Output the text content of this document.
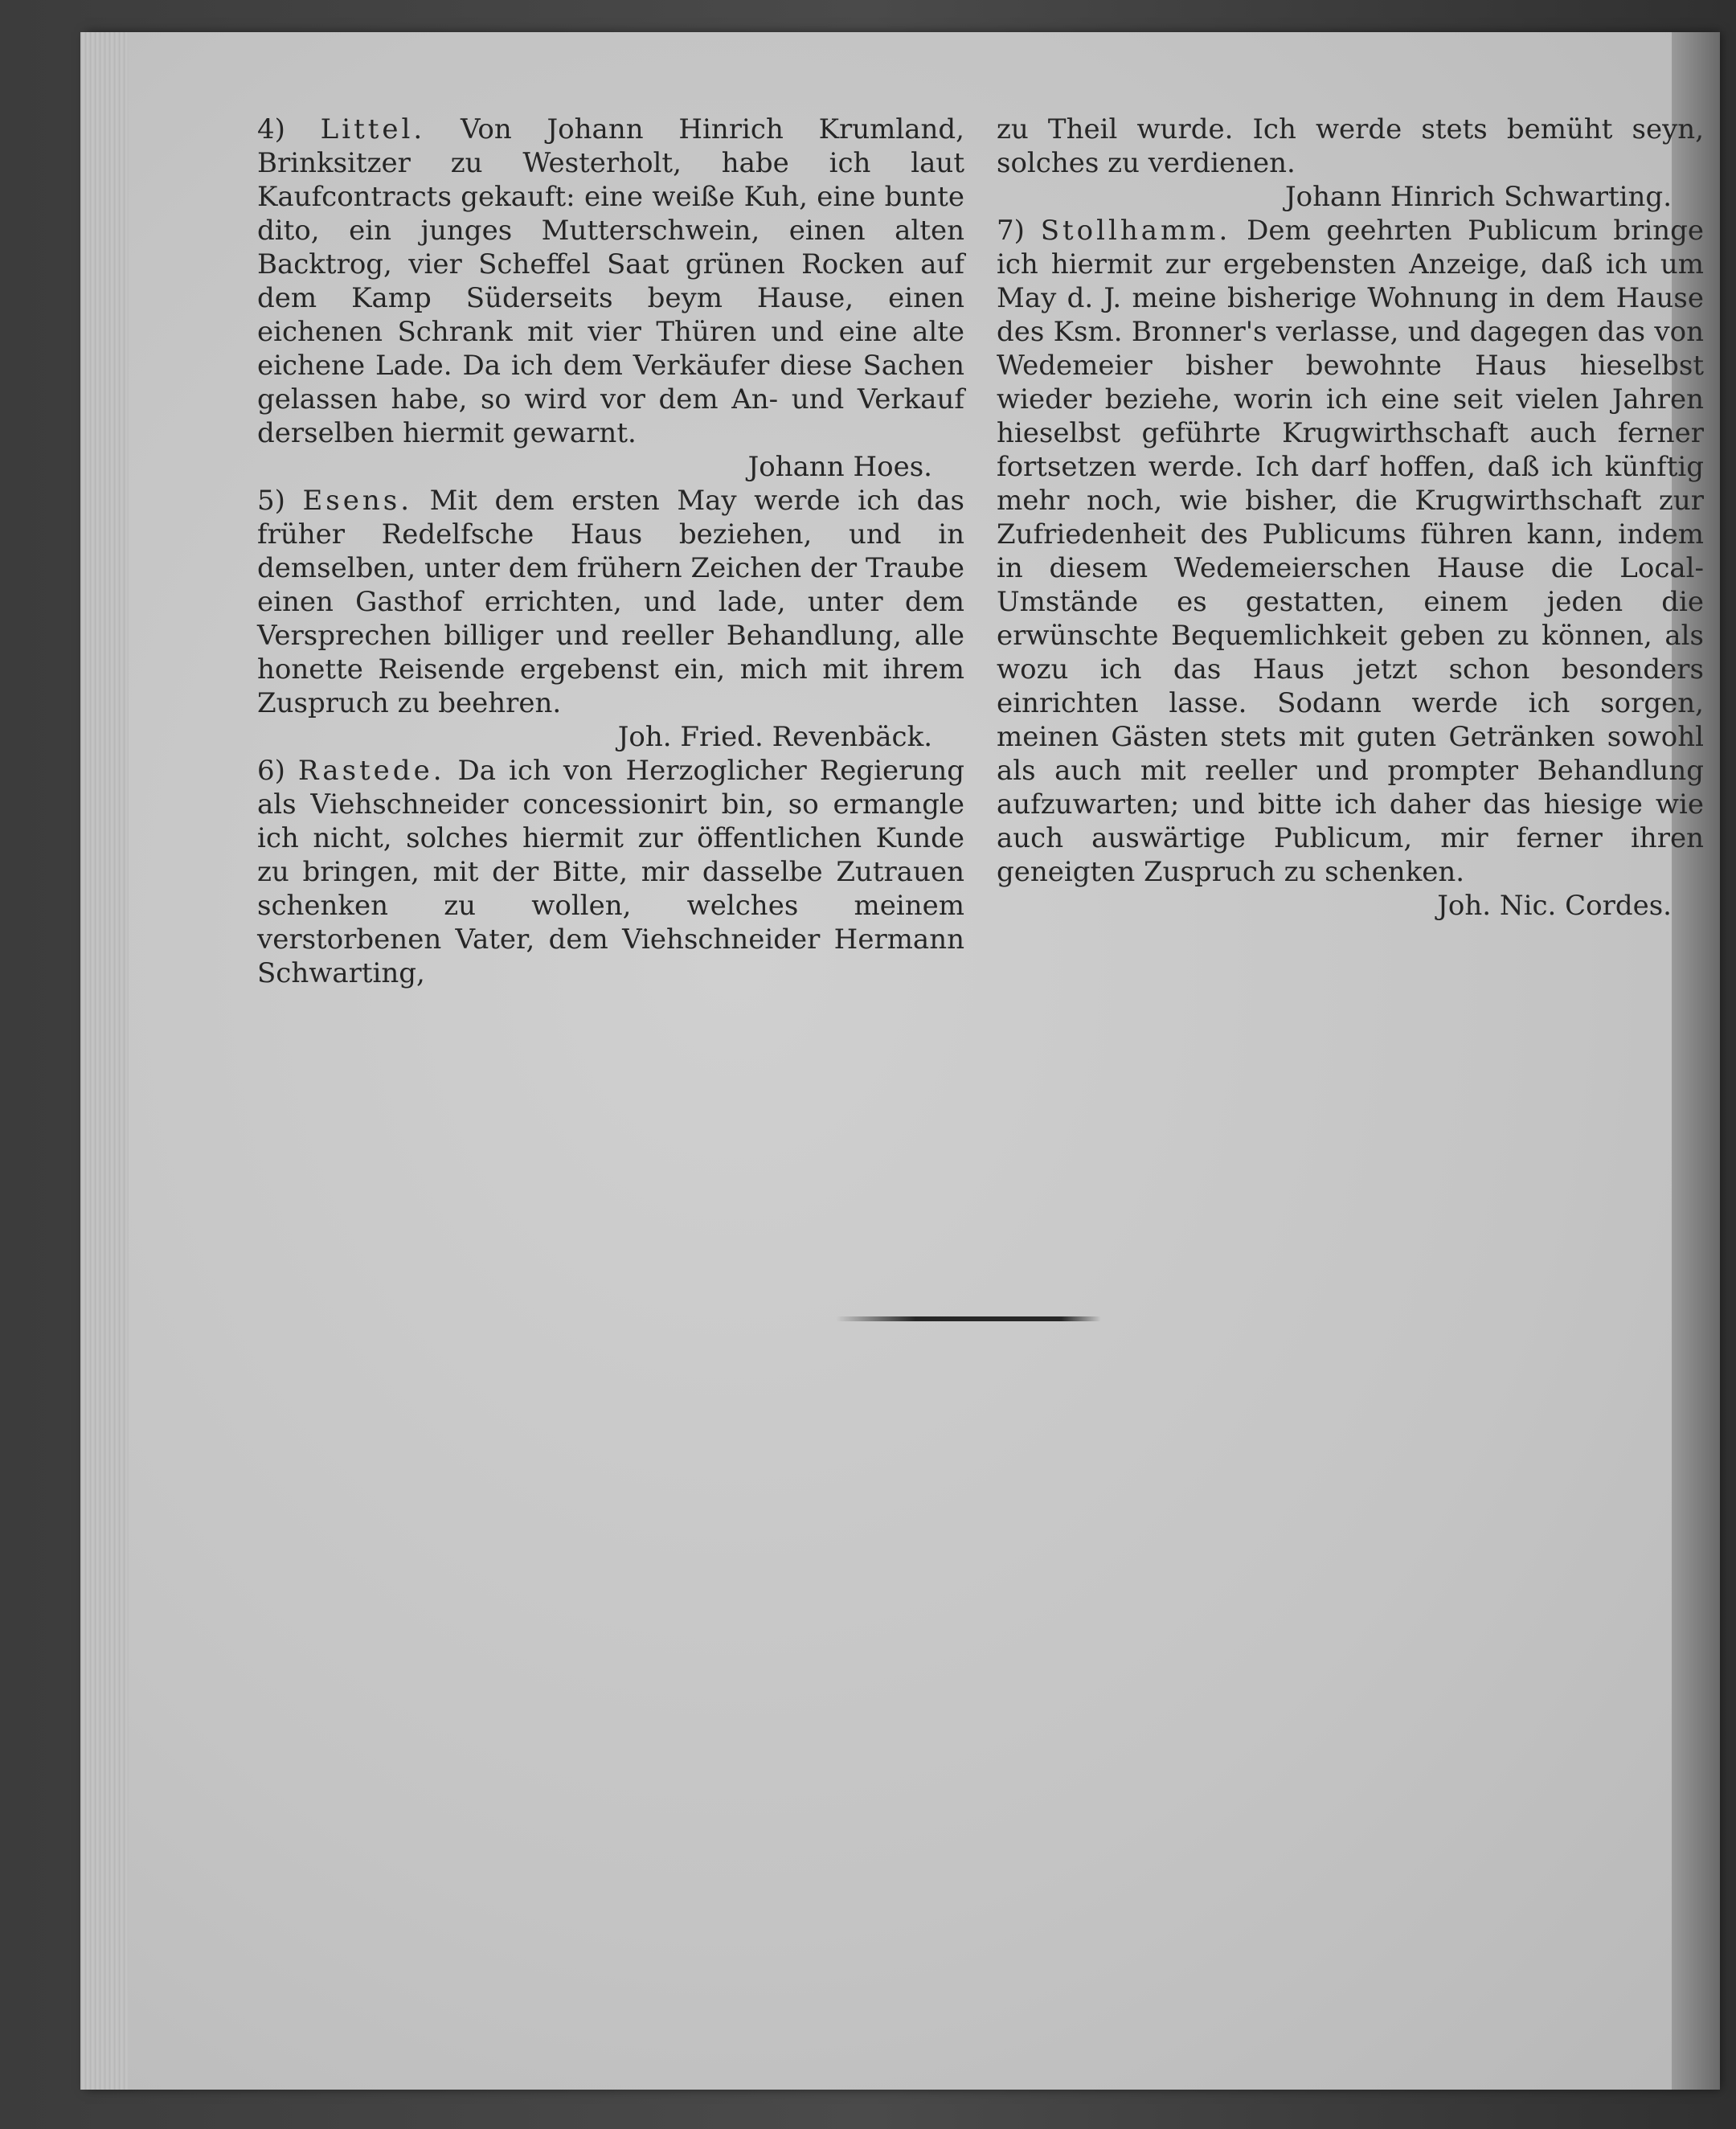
4) Littel. Von Johann Hinrich Krumland, Brinksitzer zu Westerholt, habe ich laut Kaufcontracts gekauft: eine weiße Kuh, eine bunte dito, ein junges Mutterschwein, einen alten Backtrog, vier Scheffel Saat grünen Rocken auf dem Kamp Süderseits beym Hause, einen eichenen Schrank mit vier Thüren und eine alte eichene Lade. Da ich dem Verkäufer diese Sachen gelassen habe, so wird vor dem An- und Verkauf derselben hiermit gewarnt.

Johann Hoes.

5) Esens. Mit dem ersten May werde ich das früher Redelfsche Haus beziehen, und in demselben, unter dem frühern Zeichen der Traube einen Gasthof errichten, und lade, unter dem Versprechen billiger und reeller Behandlung, alle honette Reisende ergebenst ein, mich mit ihrem Zuspruch zu beehren.

Joh. Fried. Revenbäck.

6) Rastede. Da ich von Herzoglicher Regierung als Viehschneider concessionirt bin, so ermangle ich nicht, solches hiermit zur öffentlichen Kunde zu bringen, mit der Bitte, mir dasselbe Zutrauen schenken zu wollen, welches meinem verstorbenen Vater, dem Viehschneider Hermann Schwarting,

zu Theil wurde. Ich werde stets bemüht seyn, solches zu verdienen.

Johann Hinrich Schwarting.

7) Stollhamm. Dem geehrten Publicum bringe ich hiermit zur ergebensten Anzeige, daß ich um May d. J. meine bisherige Wohnung in dem Hause des Ksm. Bronner's verlasse, und dagegen das von Wedemeier bisher bewohnte Haus hieselbst wieder beziehe, worin ich eine seit vielen Jahren hieselbst geführte Krugwirthschaft auch ferner fortsetzen werde. Ich darf hoffen, daß ich künftig mehr noch, wie bisher, die Krugwirthschaft zur Zufriedenheit des Publicums führen kann, indem in diesem Wedemeierschen Hause die Local-Umstände es gestatten, einem jeden die erwünschte Bequemlichkeit geben zu können, als wozu ich das Haus jetzt schon besonders einrichten lasse. Sodann werde ich sorgen, meinen Gästen stets mit guten Getränken sowohl als auch mit reeller und prompter Behandlung aufzuwarten; und bitte ich daher das hiesige wie auch auswärtige Publicum, mir ferner ihren geneigten Zuspruch zu schenken.

Joh. Nic. Cordes.
